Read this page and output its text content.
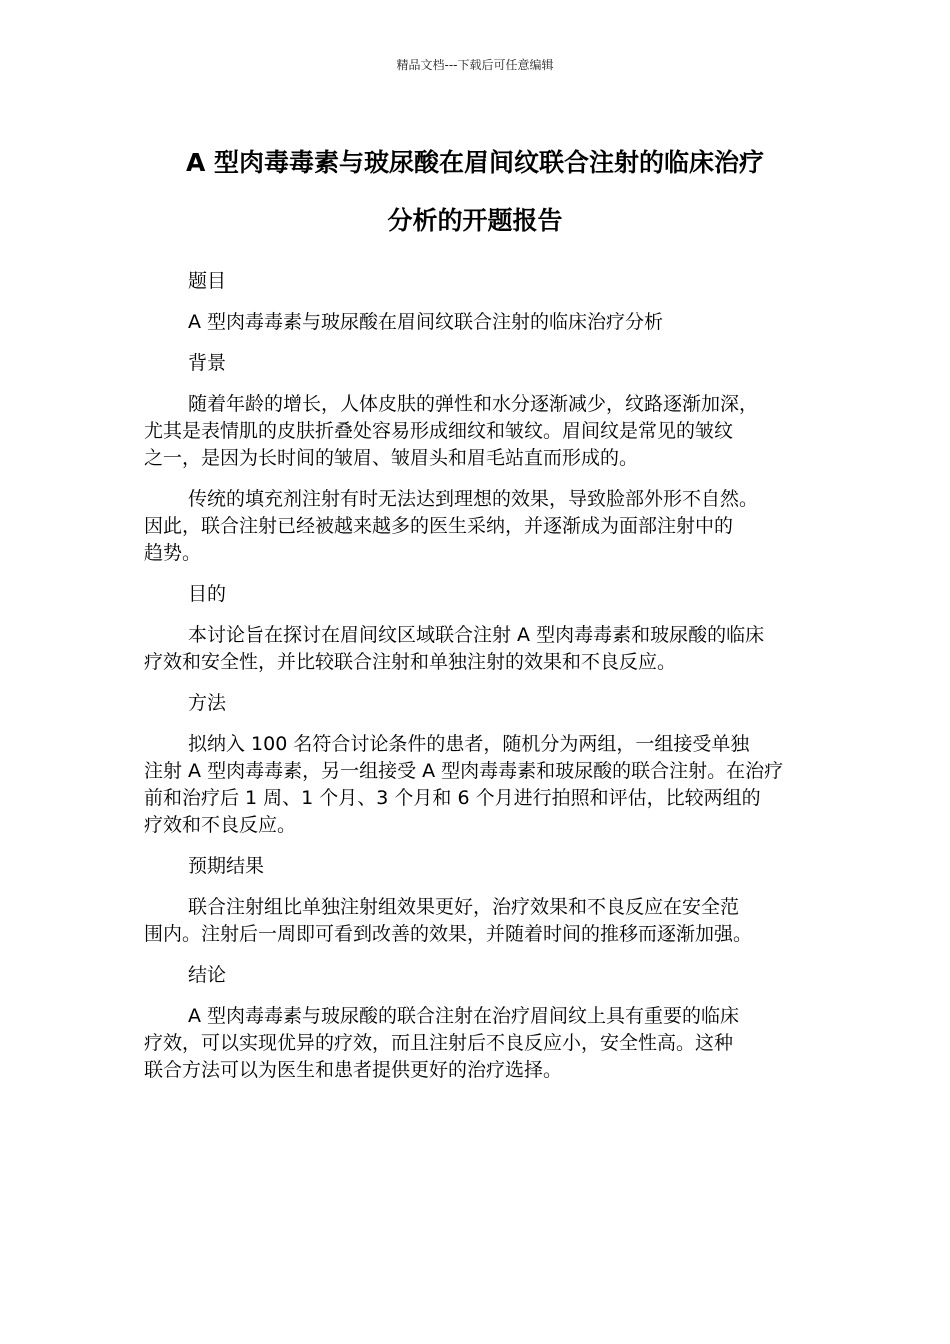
精品文档---下载后可任意编辑
A 型肉毒毒素与玻尿酸在眉间纹联合注射的临床治疗
分析的开题报告
题目
A 型肉毒毒素与玻尿酸在眉间纹联合注射的临床治疗分析
背景
随着年龄的增长，人体皮肤的弹性和水分逐渐减少，纹路逐渐加深，
尤其是表情肌的皮肤折叠处容易形成细纹和皱纹。眉间纹是常见的皱纹
之一，是因为长时间的皱眉、皱眉头和眉毛站直而形成的。
传统的填充剂注射有时无法达到理想的效果，导致脸部外形不自然。
因此，联合注射已经被越来越多的医生采纳，并逐渐成为面部注射中的
趋势。
目的
本讨论旨在探讨在眉间纹区域联合注射 A 型肉毒毒素和玻尿酸的临床
疗效和安全性，并比较联合注射和单独注射的效果和不良反应。
方法
拟纳入 100 名符合讨论条件的患者，随机分为两组，一组接受单独
注射 A 型肉毒毒素，另一组接受 A 型肉毒毒素和玻尿酸的联合注射。在治疗
前和治疗后 1 周、1 个月、3 个月和 6 个月进行拍照和评估，比较两组的
疗效和不良反应。
预期结果
联合注射组比单独注射组效果更好，治疗效果和不良反应在安全范
围内。注射后一周即可看到改善的效果，并随着时间的推移而逐渐加强。
结论
A 型肉毒毒素与玻尿酸的联合注射在治疗眉间纹上具有重要的临床
疗效，可以实现优异的疗效，而且注射后不良反应小，安全性高。这种
联合方法可以为医生和患者提供更好的治疗选择。
